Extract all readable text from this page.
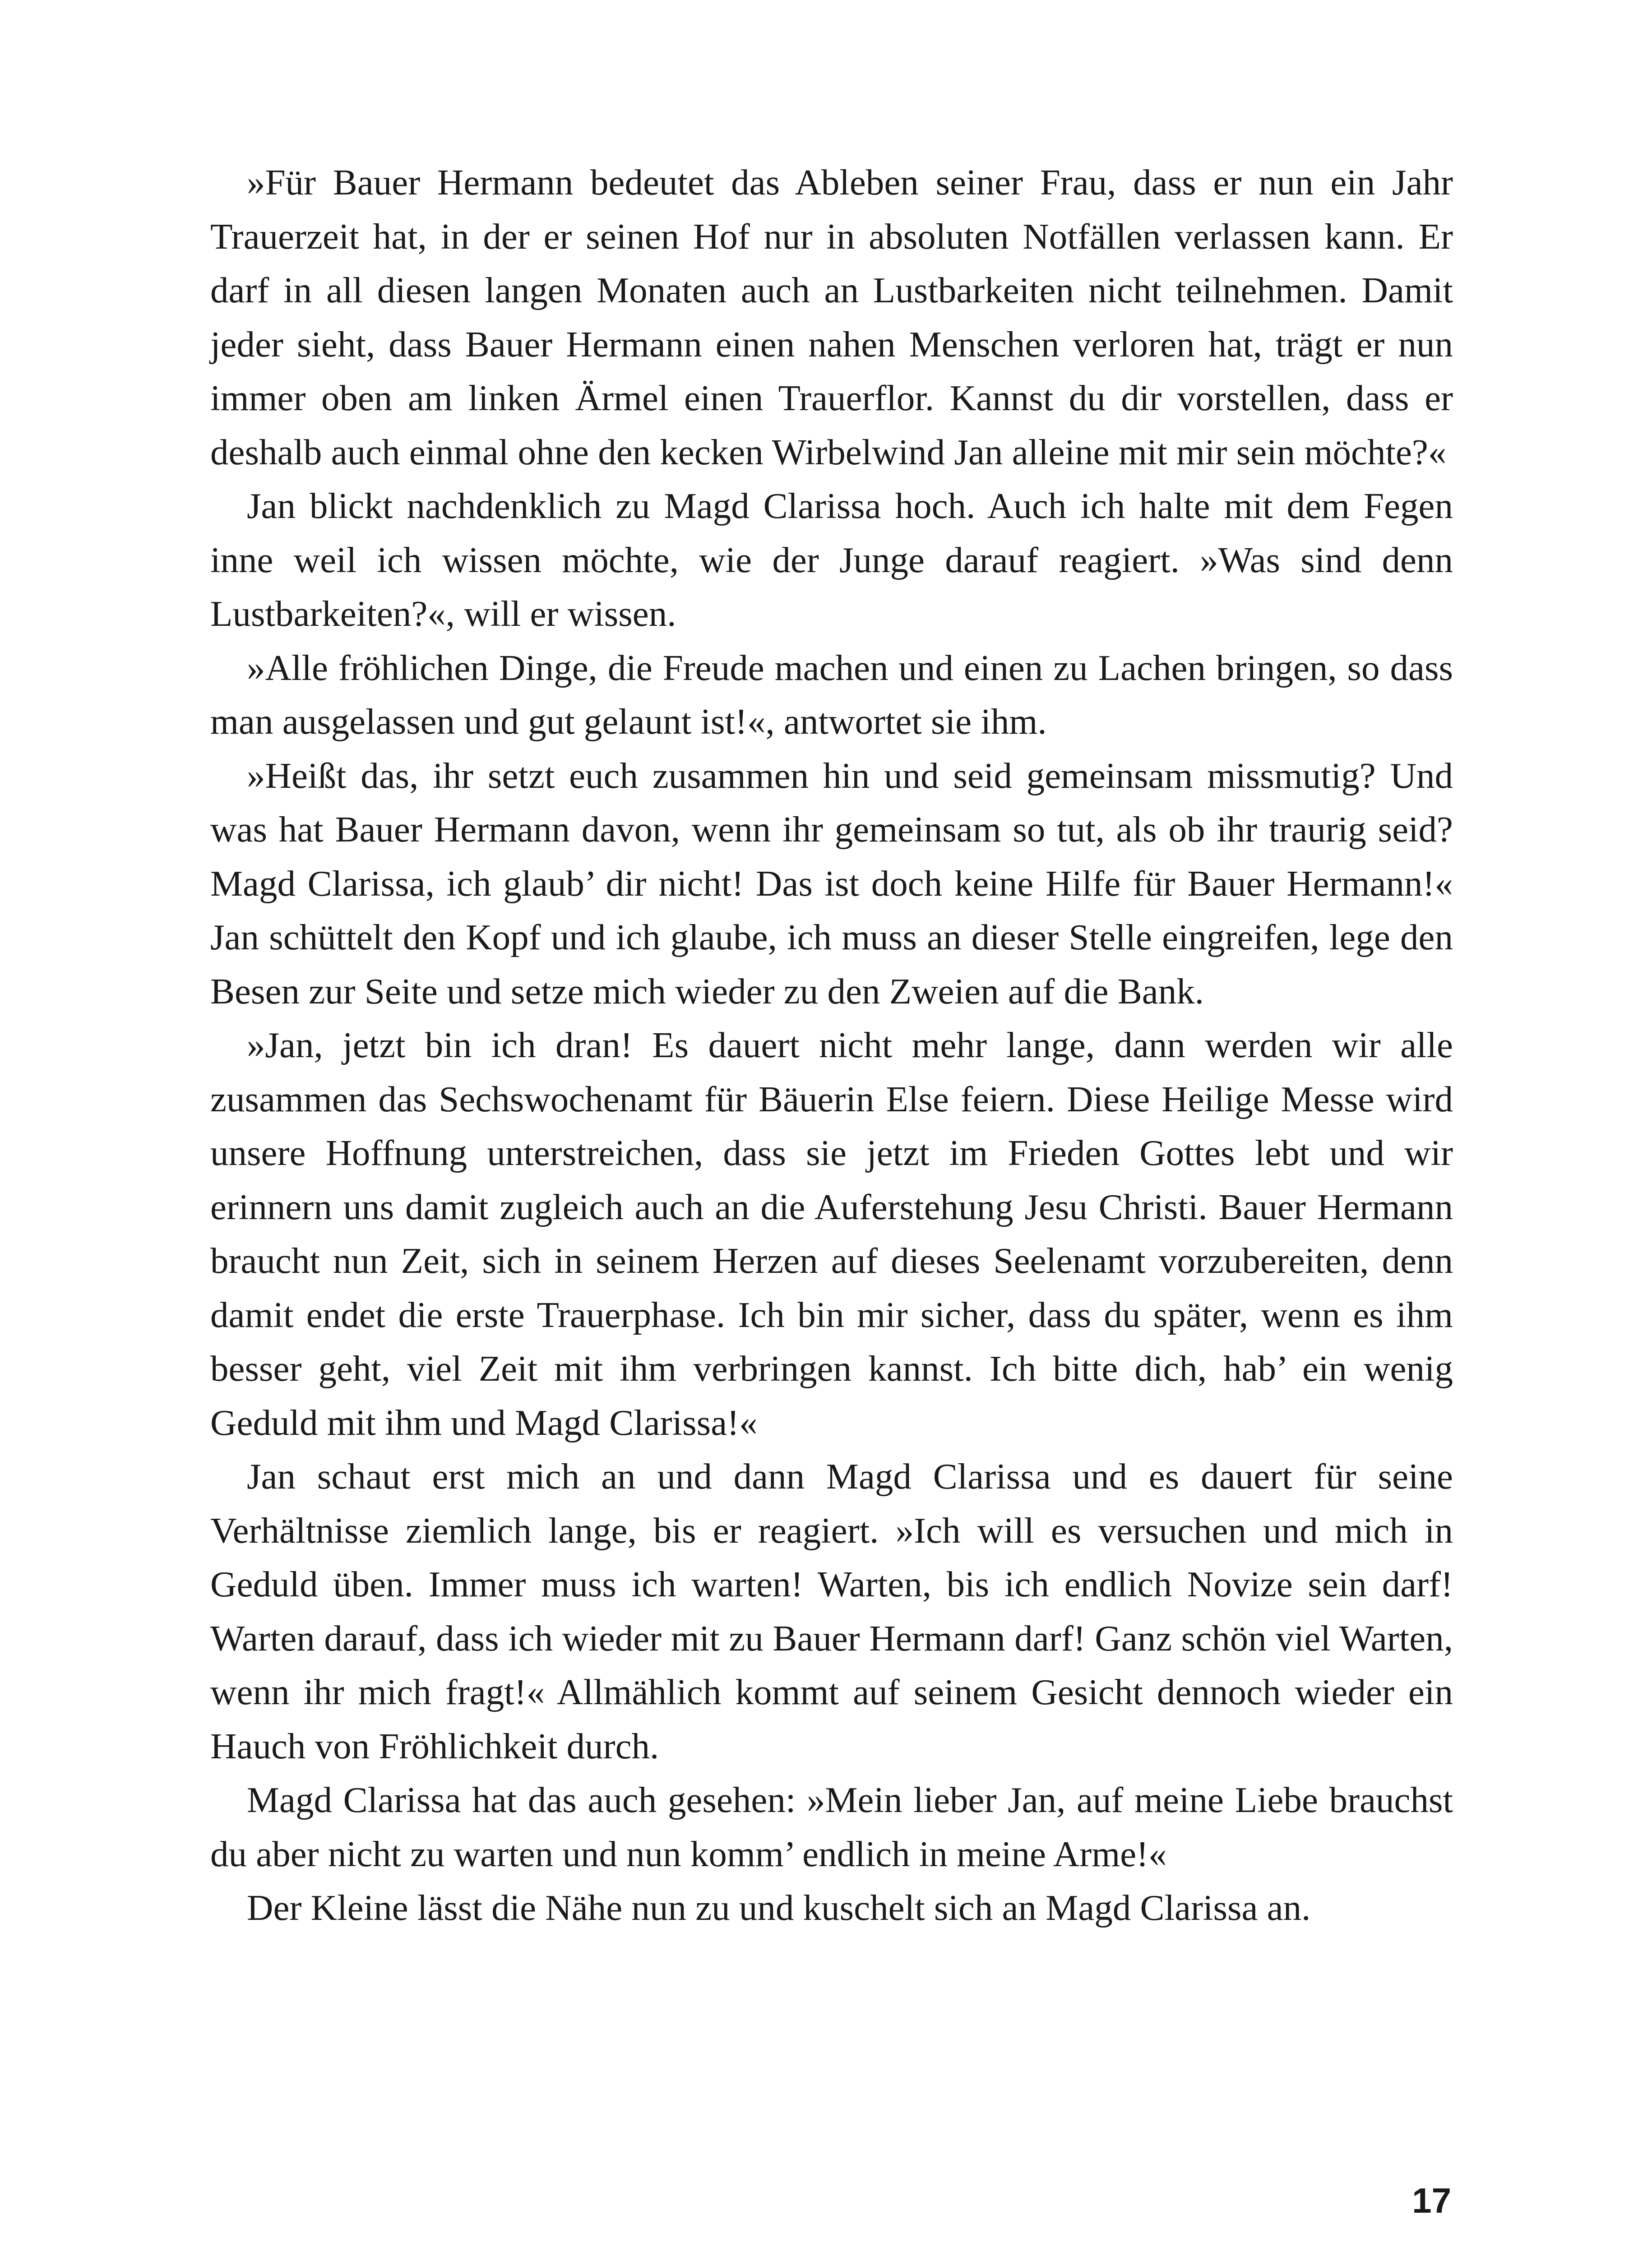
»Für Bauer Hermann bedeutet das Ableben seiner Frau, dass er nun ein Jahr Trauerzeit hat, in der er seinen Hof nur in absoluten Notfällen verlassen kann. Er darf in all diesen langen Monaten auch an Lustbarkeiten nicht teilnehmen. Damit jeder sieht, dass Bauer Hermann einen nahen Menschen verloren hat, trägt er nun immer oben am linken Ärmel einen Trauerflor. Kannst du dir vorstellen, dass er deshalb auch einmal ohne den kecken Wirbelwind Jan alleine mit mir sein möchte?«

Jan blickt nachdenklich zu Magd Clarissa hoch. Auch ich halte mit dem Fegen inne weil ich wissen möchte, wie der Junge darauf reagiert. »Was sind denn Lustbarkeiten?«, will er wissen.

»Alle fröhlichen Dinge, die Freude machen und einen zu Lachen bringen, so dass man ausgelassen und gut gelaunt ist!«, antwortet sie ihm.

»Heißt das, ihr setzt euch zusammen hin und seid gemeinsam missmutig? Und was hat Bauer Hermann davon, wenn ihr gemeinsam so tut, als ob ihr traurig seid? Magd Clarissa, ich glaub’ dir nicht! Das ist doch keine Hilfe für Bauer Hermann!« Jan schüttelt den Kopf und ich glaube, ich muss an dieser Stelle eingreifen, lege den Besen zur Seite und setze mich wieder zu den Zweien auf die Bank.

»Jan, jetzt bin ich dran! Es dauert nicht mehr lange, dann werden wir alle zusammen das Sechswochenamt für Bäuerin Else feiern. Diese Heilige Messe wird unsere Hoffnung unterstreichen, dass sie jetzt im Frieden Gottes lebt und wir erinnern uns damit zugleich auch an die Auferstehung Jesu Christi. Bauer Hermann braucht nun Zeit, sich in seinem Herzen auf dieses Seelenamt vorzubereiten, denn damit endet die erste Trauerphase. Ich bin mir sicher, dass du später, wenn es ihm besser geht, viel Zeit mit ihm verbringen kannst. Ich bitte dich, hab’ ein wenig Geduld mit ihm und Magd Clarissa!«

Jan schaut erst mich an und dann Magd Clarissa und es dauert für seine Verhältnisse ziemlich lange, bis er reagiert. »Ich will es versuchen und mich in Geduld üben. Immer muss ich warten! Warten, bis ich endlich Novize sein darf! Warten darauf, dass ich wieder mit zu Bauer Hermann darf! Ganz schön viel Warten, wenn ihr mich fragt!« Allmählich kommt auf seinem Gesicht dennoch wieder ein Hauch von Fröhlichkeit durch.

Magd Clarissa hat das auch gesehen: »Mein lieber Jan, auf meine Liebe brauchst du aber nicht zu warten und nun komm’ endlich in meine Arme!«

Der Kleine lässt die Nähe nun zu und kuschelt sich an Magd Clarissa an.

17
